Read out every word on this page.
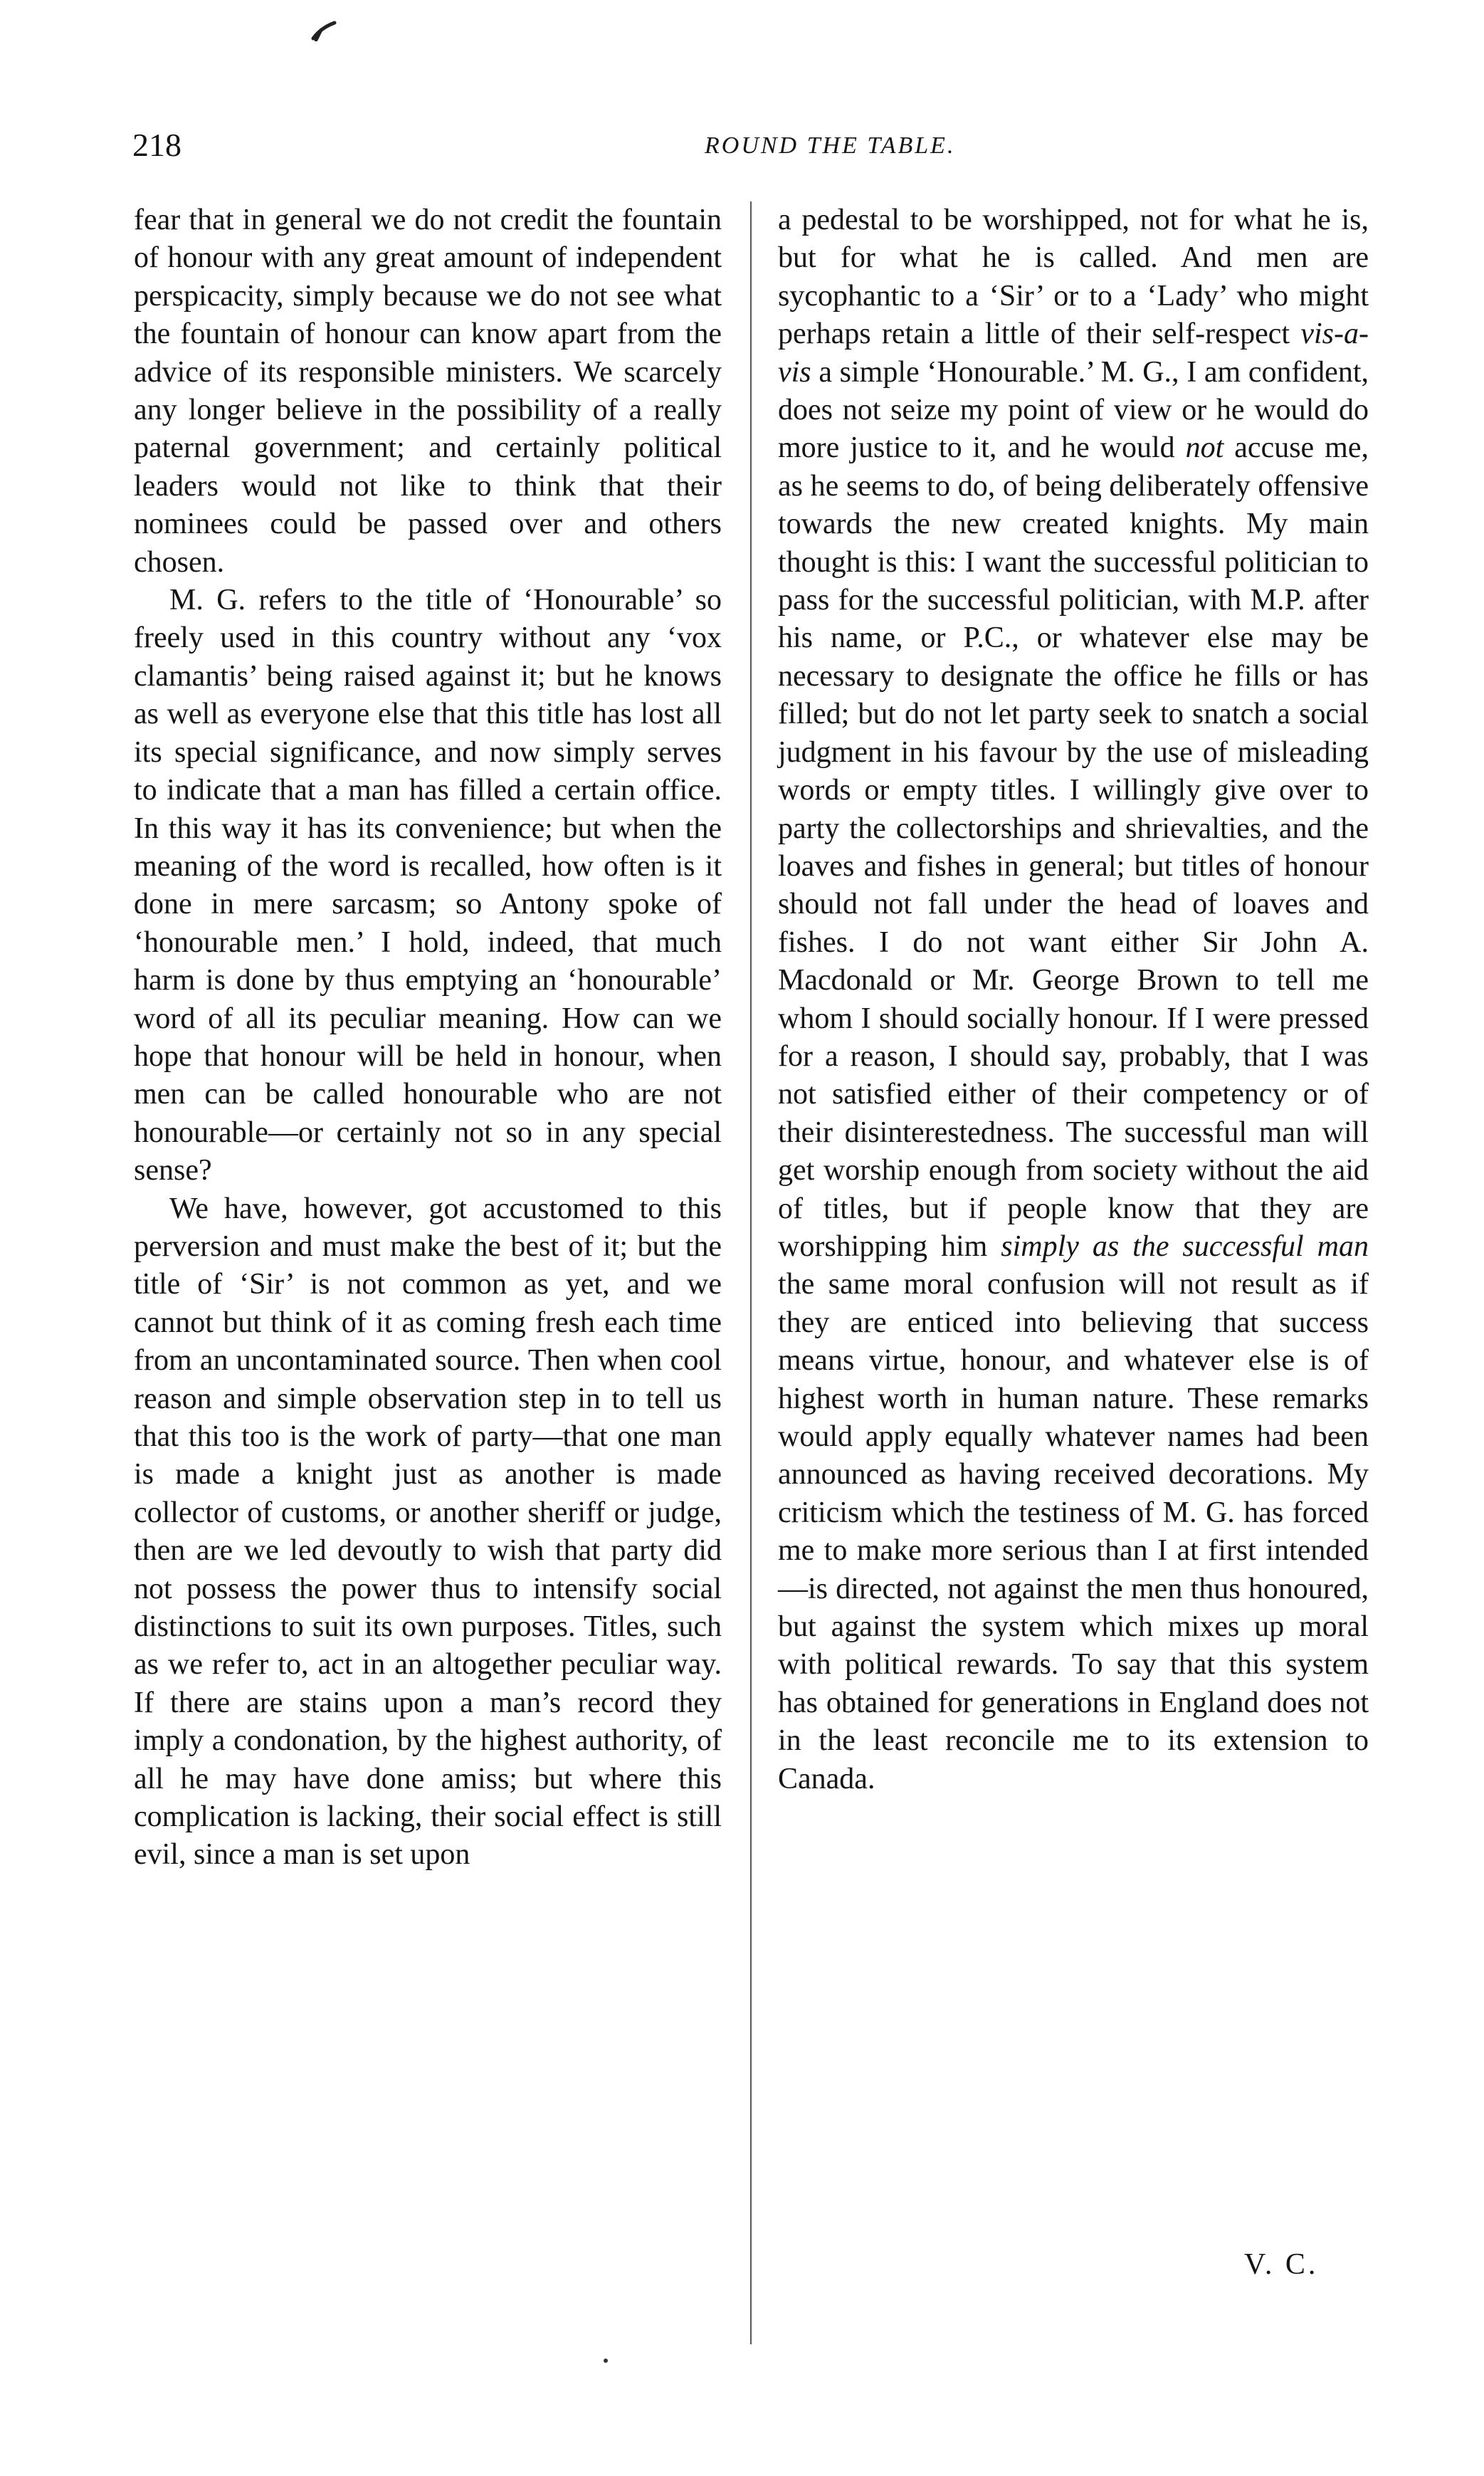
218	ROUND THE TABLE.

fear that in general we do not credit the fountain of honour with any great amount of independent perspicacity, simply because we do not see what the fountain of honour can know apart from the advice of its responsible ministers. We scarcely any longer believe in the possibility of a really paternal government; and certainly political leaders would not like to think that their nominees could be passed over and others chosen.

M. G. refers to the title of ‘Honourable’ so freely used in this country without any ‘vox clamantis’ being raised against it; but he knows as well as everyone else that this title has lost all its special significance, and now simply serves to indicate that a man has filled a certain office. In this way it has its convenience; but when the meaning of the word is recalled, how often is it done in mere sarcasm; so Antony spoke of ‘honourable men.’ I hold, indeed, that much harm is done by thus emptying an ‘honourable’ word of all its peculiar meaning. How can we hope that honour will be held in honour, when men can be called honourable who are not honourable—or certainly not so in any special sense?

We have, however, got accustomed to this perversion and must make the best of it; but the title of ‘Sir’ is not common as yet, and we cannot but think of it as coming fresh each time from an uncontaminated source. Then when cool reason and simple observation step in to tell us that this too is the work of party—that one man is made a knight just as another is made collector of customs, or another sheriff or judge, then are we led devoutly to wish that party did not possess the power thus to intensify social distinctions to suit its own purposes. Titles, such as we refer to, act in an altogether peculiar way. If there are stains upon a man’s record they imply a condonation, by the highest authority, of all he may have done amiss; but where this complication is lacking, their social effect is still evil, since a man is set upon

a pedestal to be worshipped, not for what he is, but for what he is called. And men are sycophantic to a ‘Sir’ or to a ‘Lady’ who might perhaps retain a little of their self-respect vis-a-vis a simple ‘Honourable.’ M. G., I am confident, does not seize my point of view or he would do more justice to it, and he would not accuse me, as he seems to do, of being deliberately offensive towards the new created knights. My main thought is this: I want the successful politician to pass for the successful politician, with M.P. after his name, or P.C., or whatever else may be necessary to designate the office he fills or has filled; but do not let party seek to snatch a social judgment in his favour by the use of misleading words or empty titles. I willingly give over to party the collectorships and shrievalties, and the loaves and fishes in general; but titles of honour should not fall under the head of loaves and fishes. I do not want either Sir John A. Macdonald or Mr. George Brown to tell me whom I should socially honour. If I were pressed for a reason, I should say, probably, that I was not satisfied either of their competency or of their disinterestedness. The successful man will get worship enough from society without the aid of titles, but if people know that they are worshipping him simply as the successful man the same moral confusion will not result as if they are enticed into believing that success means virtue, honour, and whatever else is of highest worth in human nature. These remarks would apply equally whatever names had been announced as having received decorations. My criticism which the testiness of M. G. has forced me to make more serious than I at first intended—is directed, not against the men thus honoured, but against the system which mixes up moral with political rewards. To say that this system has obtained for generations in England does not in the least reconcile me to its extension to Canada.

V. C.
